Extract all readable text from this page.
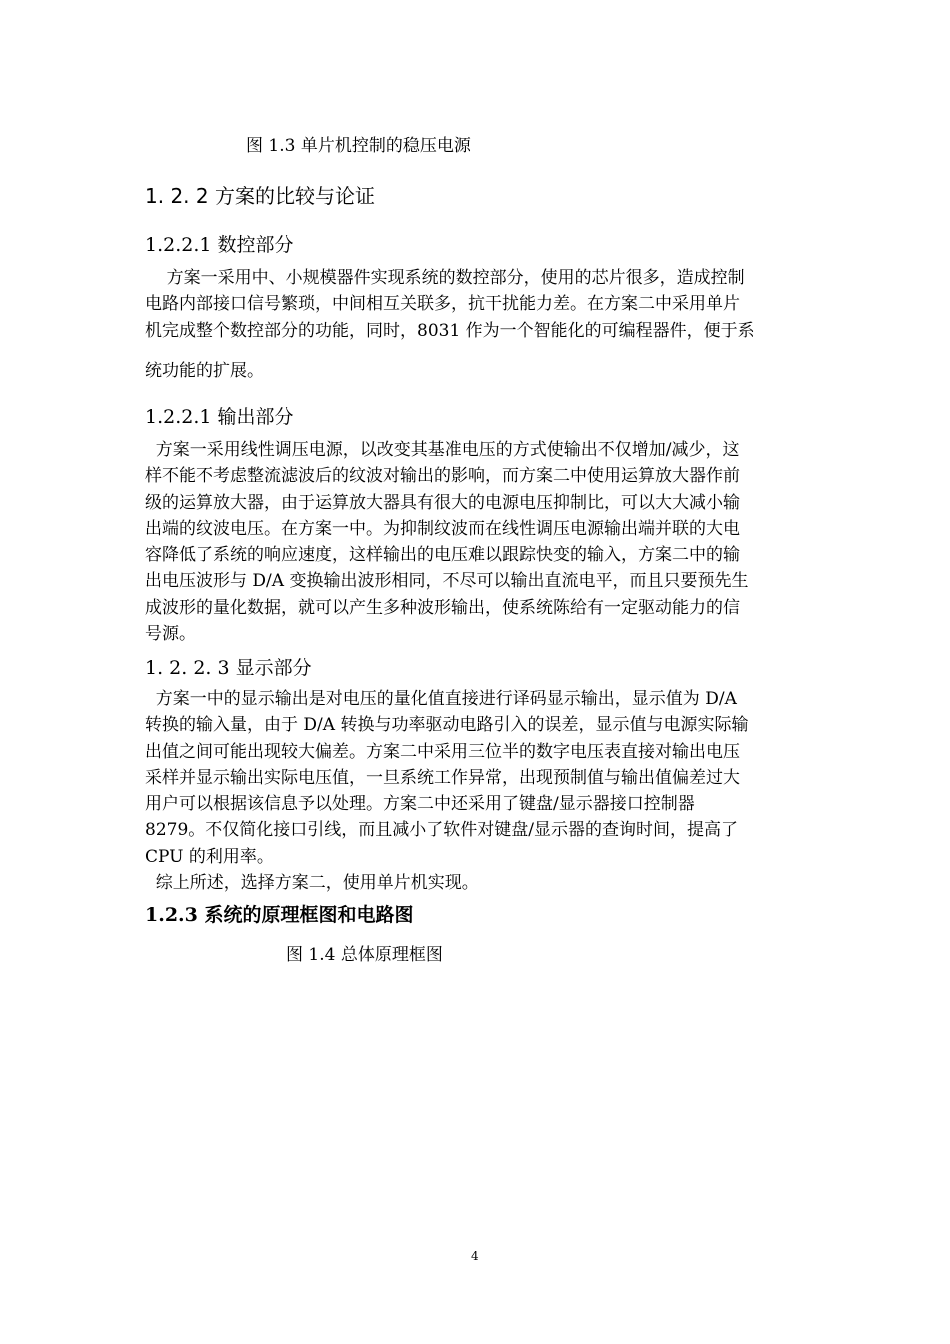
图 1.3 单片机控制的稳压电源
1. 2. 2 方案的比较与论证
1.2.2.1 数控部分
方案一采用中、小规模器件实现系统的数控部分，使用的芯片很多，造成控制
电路内部接口信号繁琐，中间相互关联多，抗干扰能力差。在方案二中采用单片
机完成整个数控部分的功能，同时，8031 作为一个智能化的可编程器件，便于系
统功能的扩展。
1.2.2.1 输出部分
方案一采用线性调压电源，以改变其基准电压的方式使输出不仅增加/减少，这
样不能不考虑整流滤波后的纹波对输出的影响，而方案二中使用运算放大器作前
级的运算放大器，由于运算放大器具有很大的电源电压抑制比，可以大大减小输
出端的纹波电压。在方案一中。为抑制纹波而在线性调压电源输出端并联的大电
容降低了系统的响应速度，这样输出的电压难以跟踪快变的输入，方案二中的输
出电压波形与 D/A 变换输出波形相同，不尽可以输出直流电平，而且只要预先生
成波形的量化数据，就可以产生多种波形输出，使系统陈给有一定驱动能力的信
号源。
1. 2. 2. 3 显示部分
方案一中的显示输出是对电压的量化值直接进行译码显示输出，显示值为 D/A
转换的输入量，由于 D/A 转换与功率驱动电路引入的误差，显示值与电源实际输
出值之间可能出现较大偏差。方案二中采用三位半的数字电压表直接对输出电压
采样并显示输出实际电压值，一旦系统工作异常，出现预制值与输出值偏差过大
用户可以根据该信息予以处理。方案二中还采用了键盘/显示器接口控制器
8279。不仅简化接口引线，而且减小了软件对键盘/显示器的查询时间，提高了
CPU 的利用率。
综上所述，选择方案二，使用单片机实现。
1.2.3 系统的原理框图和电路图
图 1.4 总体原理框图
4
